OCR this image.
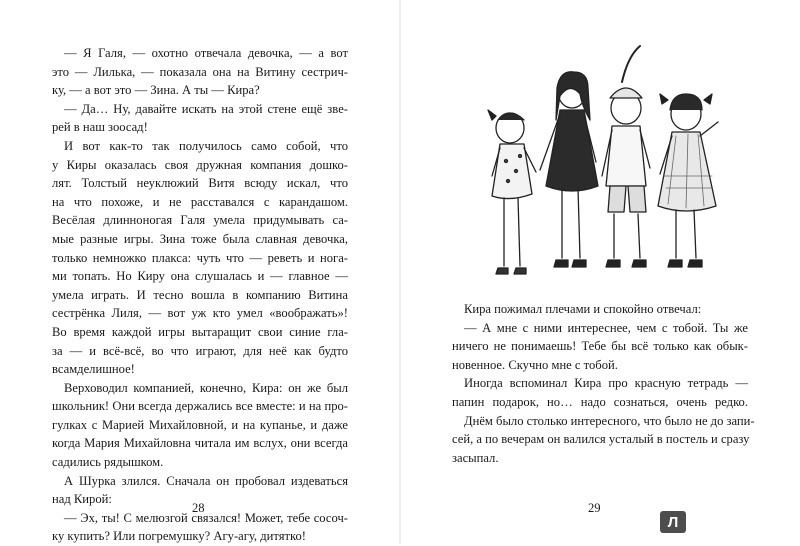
— Я Галя, — охотно отвечала девочка, — а вот
это — Лилька, — показала она на Витину сестрич-
ку, — а вот это — Зина. А ты — Кира?
— Да… Ну, давайте искать на этой стене ещё звe-
рей в наш зоосад!
И вот как-то так получилось само собой, что
у Киры оказалась своя дружная компания дошко-
лят. Толстый неуклюжий Витя всюду искал, что
на что похоже, и не расставался с карандашом.
Весёлая длинноногая Галя умела придумывать са-
мые разные игры. Зина тоже была славная девочка,
только немножко плакса: чуть что — реветь и нога-
ми топать. Но Киру она слушалась и — главное —
умела играть. И тесно вошла в компанию Витина
сестрёнка Лиля, — вот уж кто умел «воображать»!
Во время каждой игры вытаращит свои синие гла-
за — и всё-всё, во что играют, для неё как будто
всамделишное!
Верховодил компанией, конечно, Кира: он же был
школьник! Они всегда держались все вместе: и на про-
гулках с Марией Михайловной, и на купанье, и даже
когда Мария Михайловна читала им вслух, они всегда
садились рядышком.
А Шурка злился. Сначала он пробовал издеваться
над Кирой:
— Эх, ты! С мелюзгой связался! Может, тебе сосоч-
ку купить? Или погремушку? Агу-агу, дитятко!
28
Кира пожимал плечами и спокойно отвечал:
— А мне с ними интереснее, чем с тобой. Ты же
ничего не понимаешь! Тебе бы всё только как обык-
новенное. Скучно мне с тобой.
Иногда вспоминал Кира про красную тетрадь —
папин подарок, но… надо сознаться, очень редко.
Днём было столько интересного, что было не до запи-
сей, а по вечерам он валился усталый в постель и сразу
засыпал.
29
Л
